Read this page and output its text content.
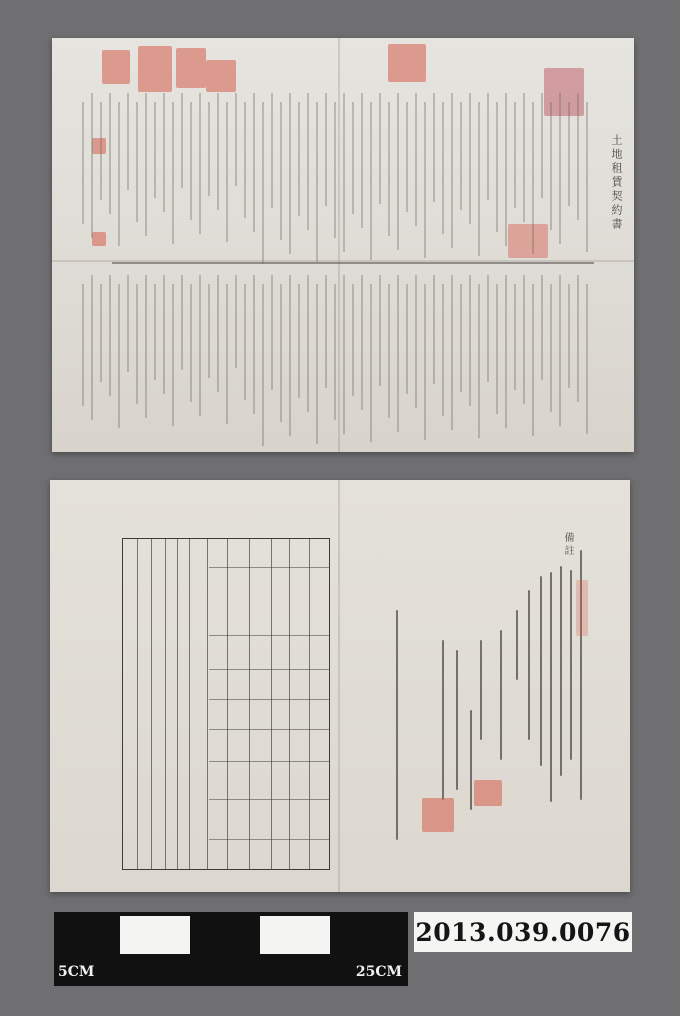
土地租賃契約書
備註
5CM	25CM
2013.039.0076
